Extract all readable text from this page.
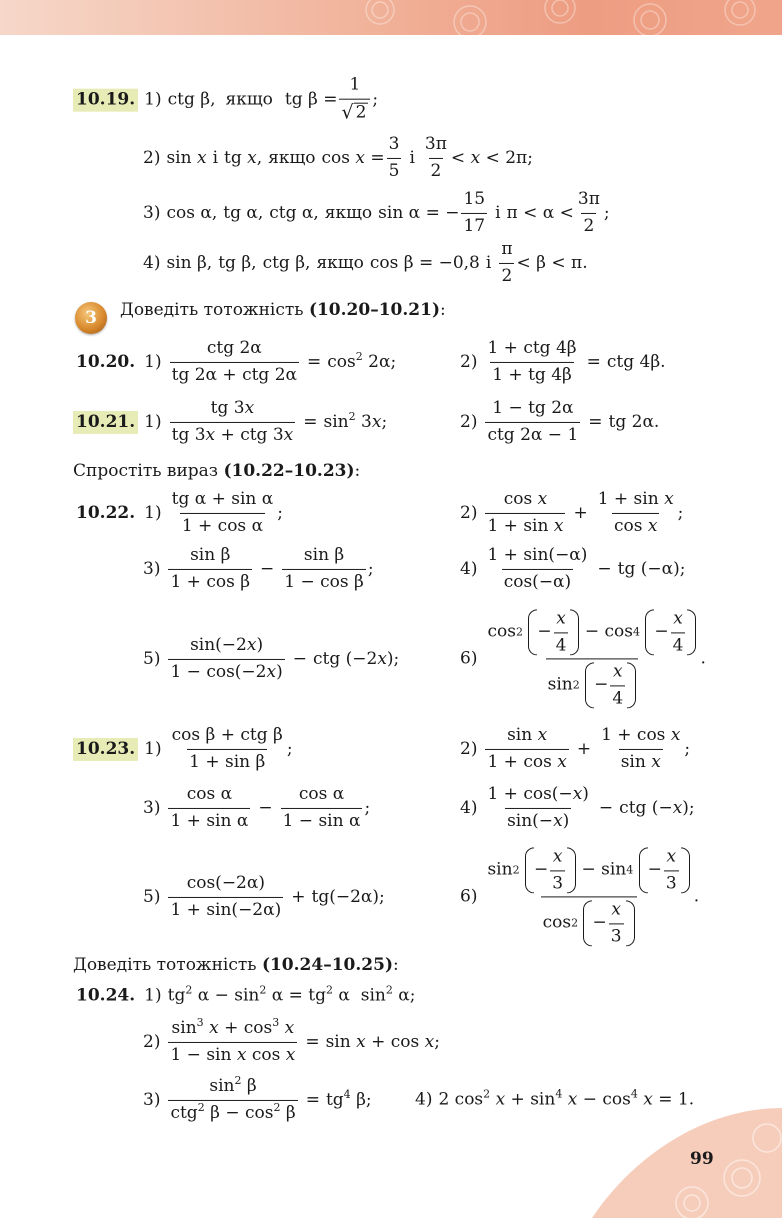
10.19. 1) ctg β, якщо tg $\beta = \frac{1}{√ 2}$ ;
2) sin x і tg x, якщо $\cos x = \frac{3}{5}$ і $\frac{3\pi}{2} < x < 2\pi$;
3) cos α, tg α, ctg α, якщо sin α = − $\frac{15}{17}$ і $\pi < \alpha < \frac{3\pi}{2}$ ;
4) sin β, tg β, ctg β, якщо cos β = −0,8 і $\frac{\pi}{2} < \beta < \pi$.
3	Доведіть тотожність (10.20–10.21):
10.20. $1) \frac{\text{ctg 2α}}{\text{tg 2α + ctg 2α}} = \cos^2 2\alpha$;	$2) \frac{\text{1 + ctg 4β}}{1 + tg 4\beta}$ = ctg 4β.
10.21. $1) \frac{tg 3x}{\text{tg 3x + ctg 3x}} = \sin^2 3x$;	$2) \frac{1 - tg 2\alpha}{\text{ctg 2α − 1}}$ = tg 2α.
Спростіть вираз (10.22–10.23):
10.22. $1) \frac{\text{tg α + sin α}}{\text{1 + cos α}}$ ;	$2) \frac{\text{cos x}}{\text{1 + sin x}} + \frac{\text{1 + sin x}}{\text{cos x}}$ ;
$3) \frac{\text{sin β}}{\text{1 + cos β}} - \frac{\text{sin β}}{\text{1 − cos β}}$ ;	$4) \frac{1 + \sin(-\alpha)}{\cos(-\alpha)}$ − tg (−α);
$5) \frac{\sin(-2x)}{1 - \cos(-2x)}$ − ctg (−2x);	6) cos 2
− $\frac{x}{4} - \cos 4$
− $\frac{x}{4}$
sin 2
− $\frac{x}{4}$ .
10.23. $1) \frac{\text{cos β + ctg β}}{\text{1 + sin β}}$ ;	$2) \frac{\text{sin x}}{\text{1 + cos x}} + \frac{\text{1 + cos x}}{\text{sin x}}$ ;
$3) \frac{\text{cos α}}{\text{1 + sin α}} - \frac{\text{cos α}}{\text{1 − sin α}}$ ;	$4) \frac{1 + \cos(-x)}{\sin(-x)}$ − ctg (−x);
$5) \frac{\cos(-2\alpha)}{1 + \sin(-2\alpha)} + tg(-2\alpha)$;	6) sin 2
− $\frac{x}{3} - \sin 4$
− $\frac{x}{3}$
cos 2
− $\frac{x}{3}$ .
Доведіть тотожність (10.24–10.25):
10.24. 1) $tg^2$ $\alpha - \sin^2 \alpha = tg^2$ α  $\sin^2 \alpha$;
$2) \frac{\sin^3 x + \cos^3 x}{\text{1 − sin x cos x}} = \sin x + \cos x$;
$3) \frac{\sin^2 \beta}{ctg^2 \beta - \cos^2 \beta} = tg^4$ β;	4) 2 $\cos^2 x + \sin^4 x - \cos^4 x = 1$.
99
